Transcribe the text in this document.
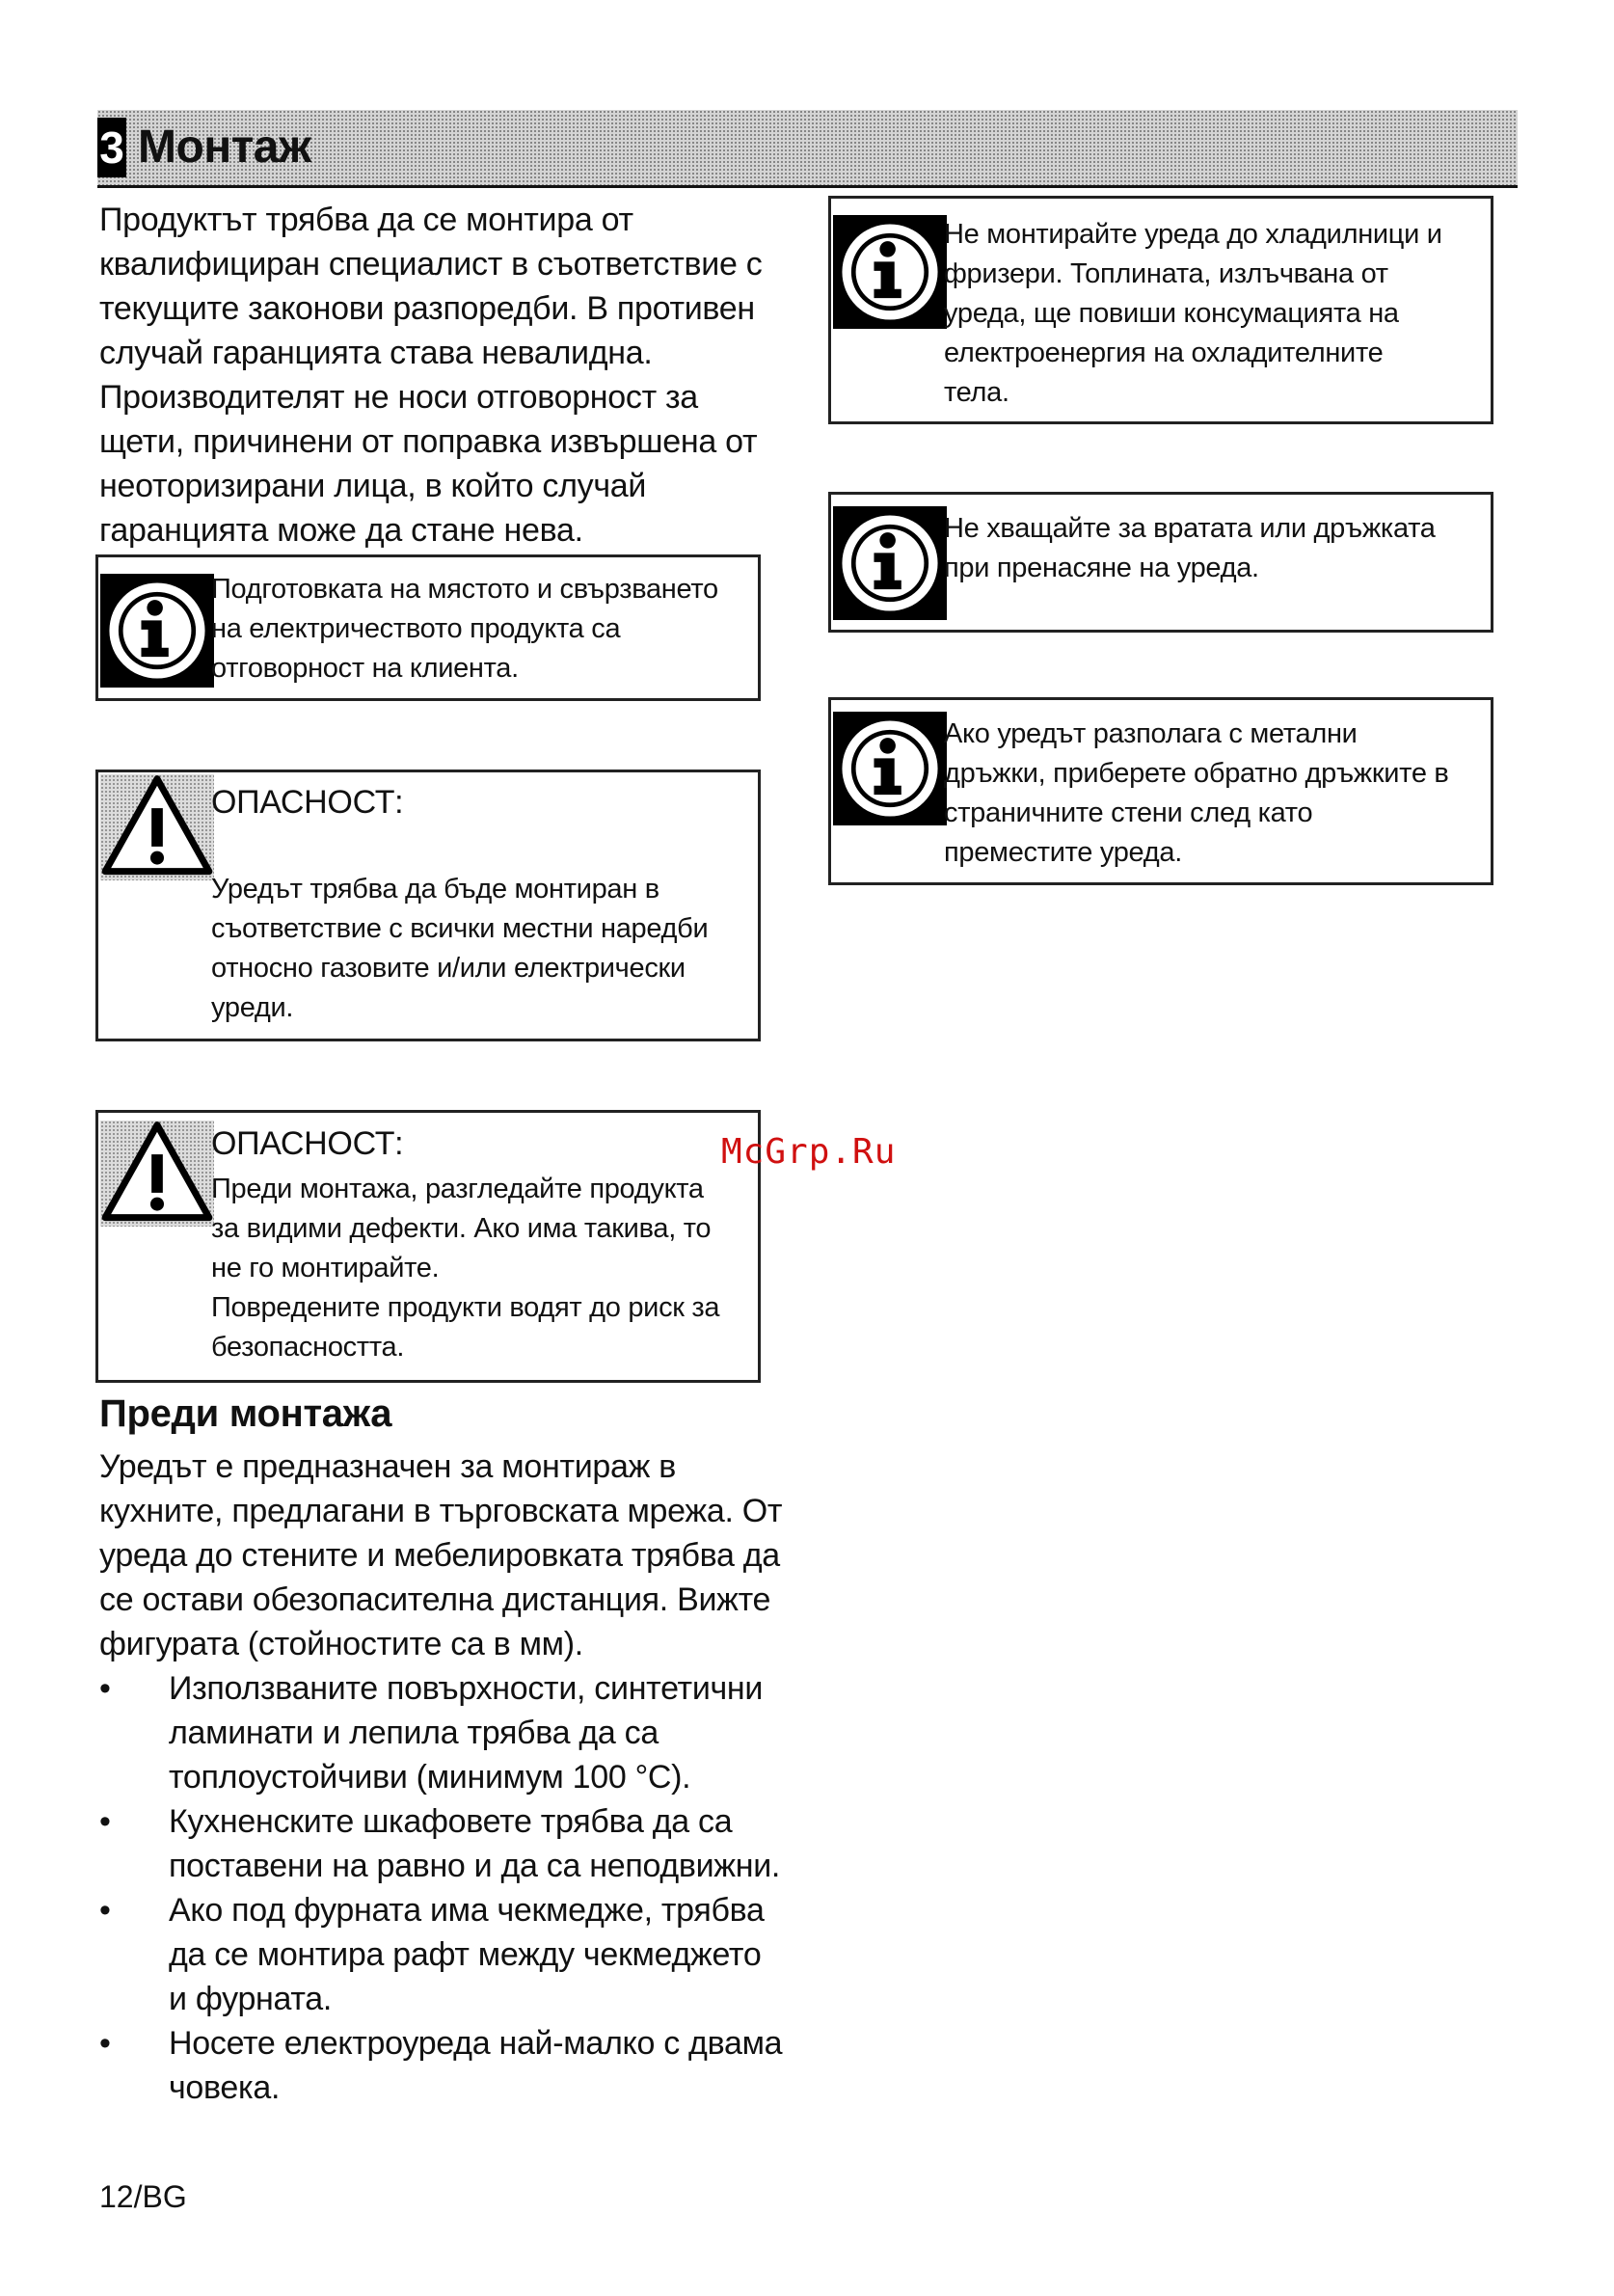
3 Монтаж
Продуктът трябва да се монтира от
квалифициран специалист в съответствие с
текущите законови разпоредби. В противен
случай гаранцията става невалидна.
Производителят не носи отговорност за
щети, причинени от поправка извършена от
неоторизирани лица, в който случай
гаранцията може да стане нева.
Подготовката на мястото и свързването
на електричеството продукта са
отговорност на клиента.
ОПАСНОСТ:
Уредът трябва да бъде монтиран в
съответствие с всички местни наредби
относно газовите и/или електрически
уреди.
ОПАСНОСТ:
Преди монтажа, разгледайте продукта
за видими дефекти. Ако има такива, то
не го монтирайте.
Повредените продукти водят до риск за
безопасността.
Преди монтажа
Уредът е предназначен за монтираж в
кухните, предлагани в търговската мрежа. От
уреда до стените и мебелировката трябва да
се остави обезопасителна дистанция. Вижте
фигурата (стойностите са в мм).
• Използваните повърхности, синтетични
ламинати и лепила трябва да са
топлоустойчиви (минимум 100 °C).
• Кухненските шкафовете трябва да са
поставени на равно и да са неподвижни.
• Ако под фурната има чекмедже, трябва
да се монтира рафт между чекмеджето
и фурната.
• Носете електроуреда най-малко с двама
човека.
Не монтирайте уреда до хладилници и
фризери. Топлината, излъчвана от
уреда, ще повиши консумацията на
електроенергия на охладителните
тела.
Не хващайте за вратата или дръжката
при пренасяне на уреда.
Ако уредът разполага с метални
дръжки, приберете обратно дръжките в
страничните стени след като
преместите уреда.
McGrp.Ru
12/BG
